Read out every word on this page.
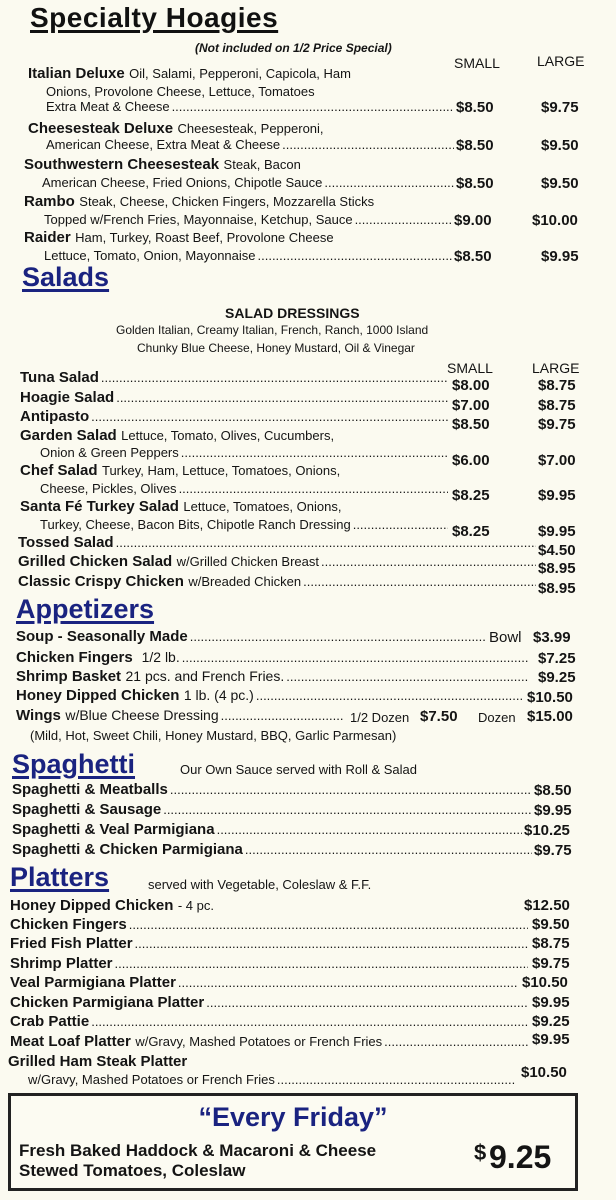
Specialty Hoagies
(Not included on 1/2 Price Special)
SMALL	LARGE
Italian Deluxe Oil, Salami, Pepperoni, Capicola, Ham
Onions, Provolone Cheese, Lettuce, Tomatoes
Extra Meat & Cheese .....	$8.50	$9.75
Cheesesteak Deluxe Cheesesteak, Pepperoni,
American Cheese, Extra Meat & Cheese .....	$8.50	$9.50
Southwestern Cheesesteak Steak, Bacon
American Cheese, Fried Onions, Chipotle Sauce .....	$8.50	$9.50
Rambo Steak, Cheese, Chicken Fingers, Mozzarella Sticks
Topped w/French Fries, Mayonnaise, Ketchup, Sauce .....	$9.00	$10.00
Raider Ham, Turkey, Roast Beef, Provolone Cheese
Lettuce, Tomato, Onion, Mayonnaise .....	$8.50	$9.95
Salads
SALAD DRESSINGS
Golden Italian, Creamy Italian, French, Ranch, 1000 Island
Chunky Blue Cheese, Honey Mustard, Oil & Vinegar
SMALL	LARGE
Tuna Salad .....	$8.00	$8.75
Hoagie Salad .....	$7.00	$8.75
Antipasto .....	$8.50	$9.75
Garden Salad Lettuce, Tomato, Olives, Cucumbers,
Onion & Green Peppers .....	$6.00	$7.00
Chef Salad Turkey, Ham, Lettuce, Tomatoes, Onions,
Cheese, Pickles, Olives .....	$8.25	$9.95
Santa Fé Turkey Salad Lettuce, Tomatoes, Onions,
Turkey, Cheese, Bacon Bits, Chipotle Ranch Dressing .....	$8.25	$9.95
Tossed Salad .....	$4.50
Grilled Chicken Salad
w/Grilled Chicken Breast .....	$8.95
Classic Crispy Chicken
w/Breaded Chicken .....	$8.95
Appetizers
Soup - Seasonally Made .....	Bowl $3.99
Chicken Fingers
1/2 lb. .....	$7.25
Shrimp Basket
21 pcs. and French Fries. .....	$9.25
Honey Dipped Chicken
1 lb. (4 pc.) .....	$10.50
Wings
w/Blue Cheese Dressing .....	1/2 Dozen $7.50 Dozen $15.00
(Mild, Hot, Sweet Chili, Honey Mustard, BBQ, Garlic Parmesan)
Spaghetti	Our Own Sauce served with Roll & Salad
Spaghetti & Meatballs .....	$8.50
Spaghetti & Sausage .....	$9.95
Spaghetti & Veal Parmigiana .....	$10.25
Spaghetti & Chicken Parmigiana .....	$9.75
Platters	served with Vegetable, Coleslaw & F.F.
Honey Dipped Chicken - 4 pc.	$12.50
Chicken Fingers .....	$9.50
Fried Fish Platter .....	$8.75
Shrimp Platter .....	$9.75
Veal Parmigiana Platter .....	$10.50
Chicken Parmigiana Platter .....	$9.95
Crab Pattie .....	$9.25
Meat Loaf Platter
w/Gravy, Mashed Potatoes or French Fries .....	$9.95
Grilled Ham Steak Platter
w/Gravy, Mashed Potatoes or French Fries .....	$10.50
“Every Friday”
Fresh Baked Haddock & Macaroni & Cheese
Stewed Tomatoes, Coleslaw
$ 9.25
